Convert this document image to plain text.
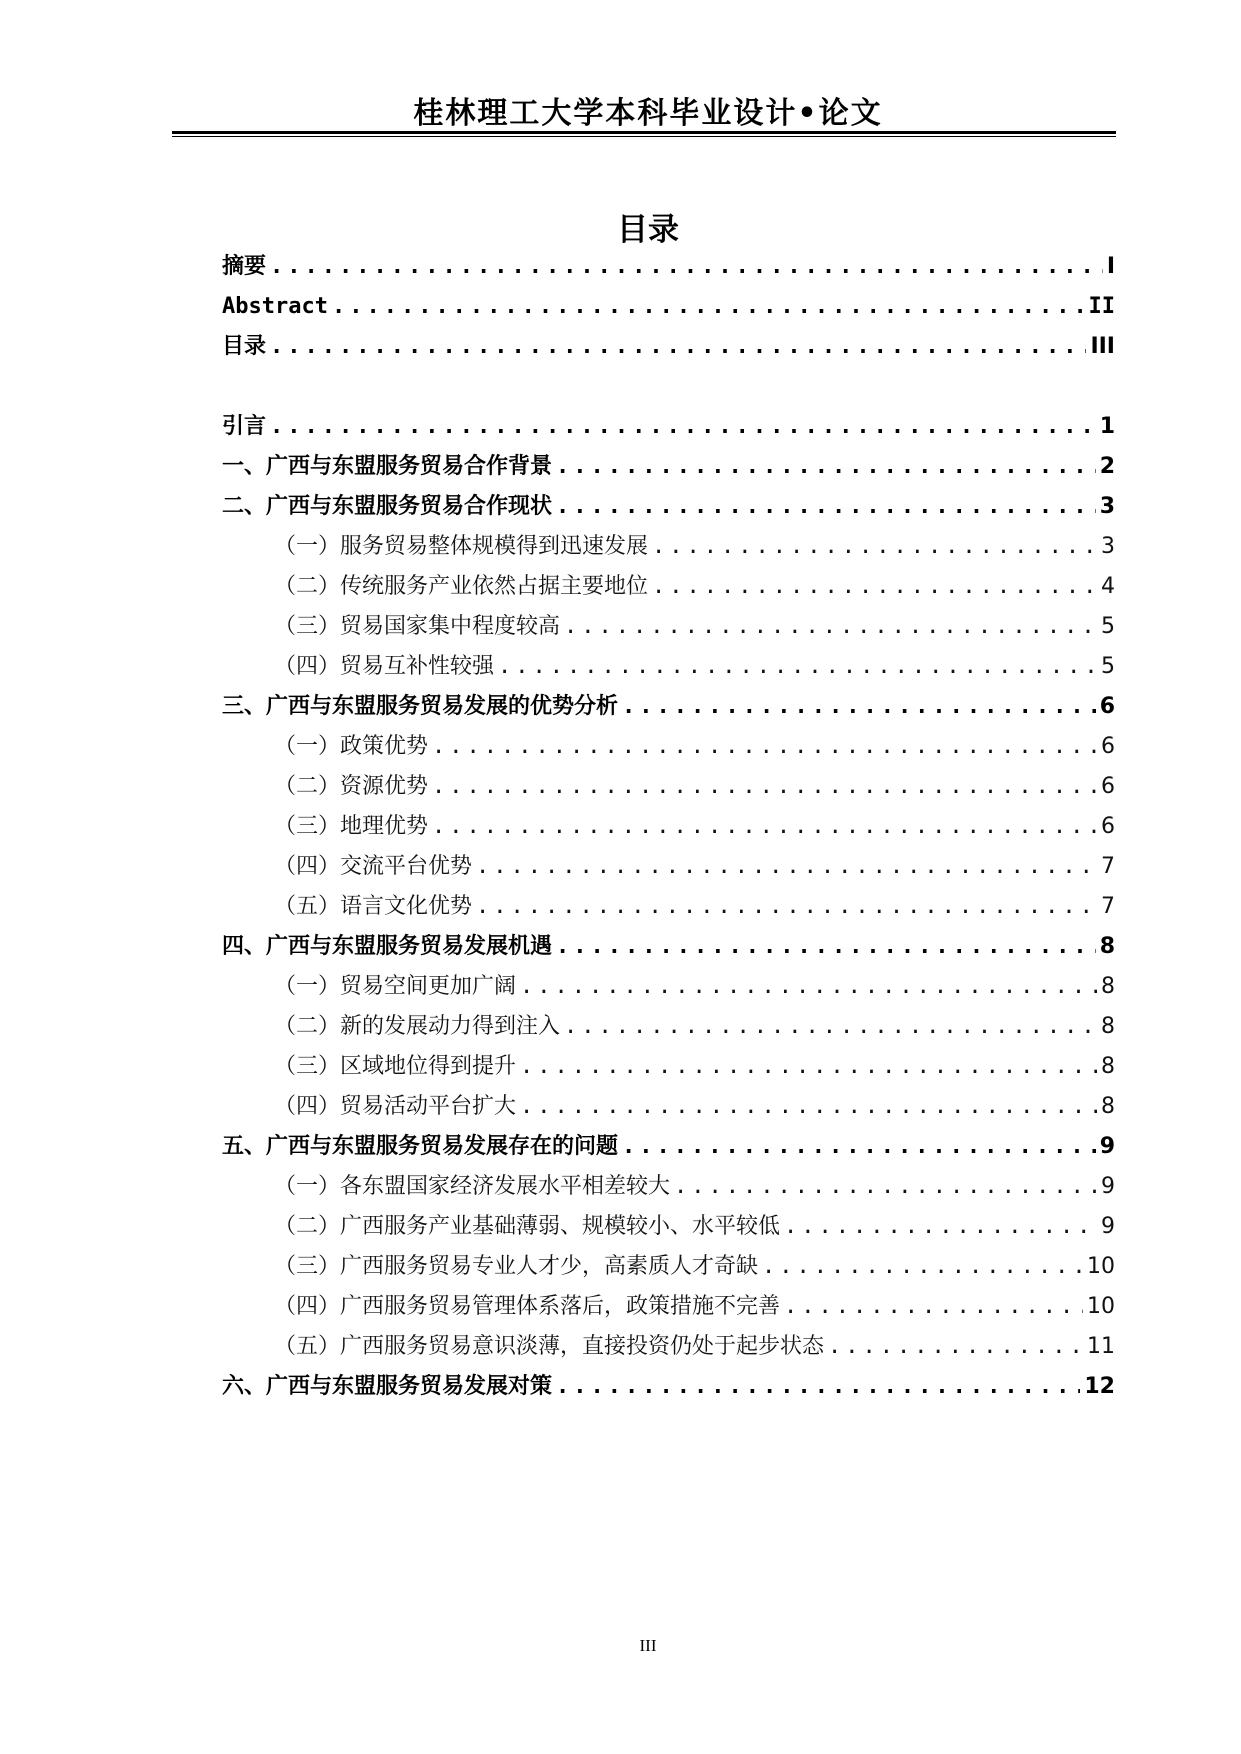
桂林理工大学本科毕业设计•论文
目录
摘要 .....	I
Abstract .....	II
目录 .....	III
引言 .....	1
一、广西与东盟服务贸易合作背景 .....	2
二、广西与东盟服务贸易合作现状 .....	3
（一）服务贸易整体规模得到迅速发展 .....	3
（二）传统服务产业依然占据主要地位 .....	4
（三）贸易国家集中程度较高 .....	5
（四）贸易互补性较强 .....	5
三、广西与东盟服务贸易发展的优势分析 .....	6
（一）政策优势 .....	6
（二）资源优势 .....	6
（三）地理优势 .....	6
（四）交流平台优势 .....	7
（五）语言文化优势 .....	7
四、广西与东盟服务贸易发展机遇 .....	8
（一）贸易空间更加广阔 .....	8
（二）新的发展动力得到注入 .....	8
（三）区域地位得到提升 .....	8
（四）贸易活动平台扩大 .....	8
五、广西与东盟服务贸易发展存在的问题 .....	9
（一）各东盟国家经济发展水平相差较大 .....	9
（二）广西服务产业基础薄弱、规模较小、水平较低 .....	9
（三）广西服务贸易专业人才少，高素质人才奇缺 .....	10
（四）广西服务贸易管理体系落后，政策措施不完善 .....	10
（五）广西服务贸易意识淡薄，直接投资仍处于起步状态 .....	11
六、广西与东盟服务贸易发展对策 .....	12
III
